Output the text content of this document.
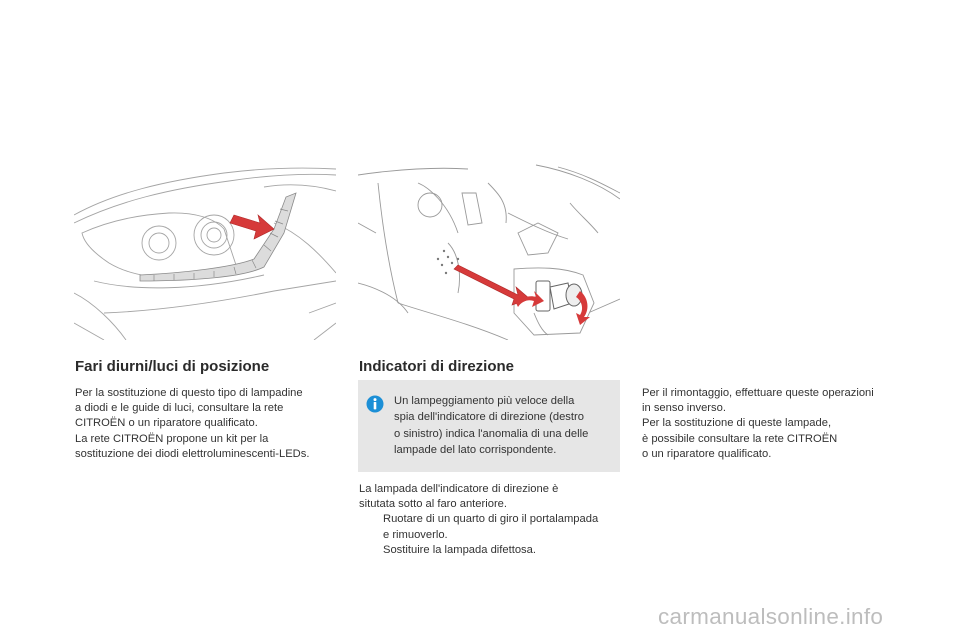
Fari diurni/luci di posizione
Per la sostituzione di questo tipo di lampadine
a diodi e le guide di luci, consultare la rete
CITROËN o un riparatore qualificato.
La rete CITROËN propone un kit per la
sostituzione dei diodi elettroluminescenti-LEDs.
Indicatori di direzione
Un lampeggiamento più veloce della
spia dell'indicatore di direzione (destro
o sinistro) indica l'anomalia di una delle
lampade del lato corrispondente.
La lampada dell'indicatore di direzione è
situtata sotto al faro anteriore.
Ruotare di un quarto di giro il portalampada
e rimuoverlo.
Sostituire la lampada difettosa.
Per il rimontaggio, effettuare queste operazioni
in senso inverso.
Per la sostituzione di queste lampade,
è possibile consultare la rete CITROËN
o un riparatore qualificato.
carmanualsonline.info
